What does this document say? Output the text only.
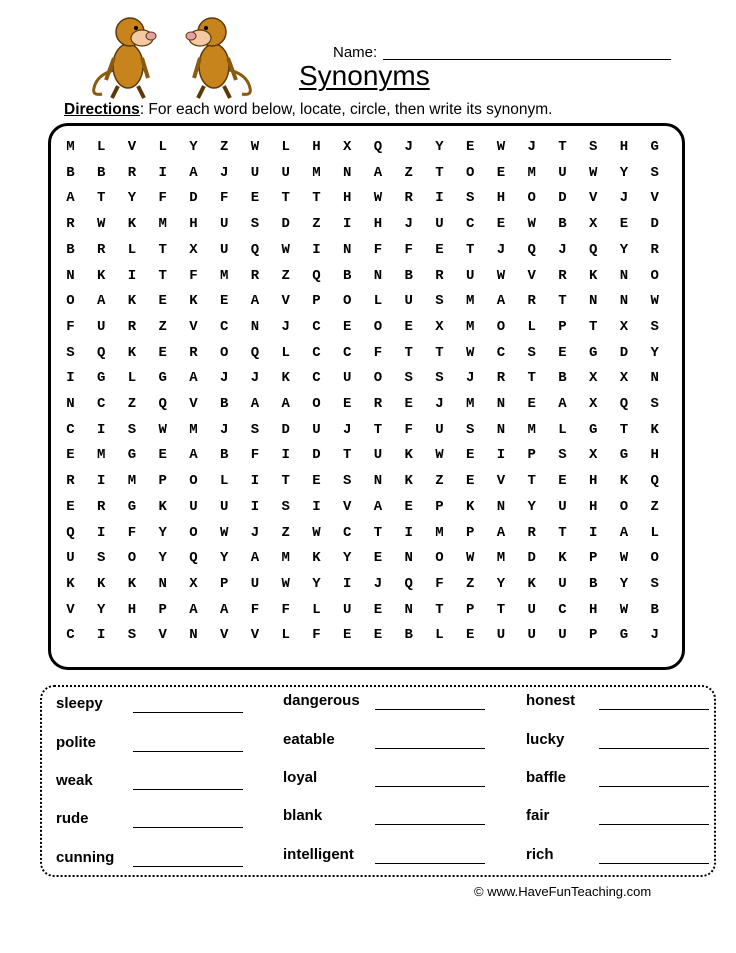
Name:
Synonyms
Directions: For each word below, locate, circle, then write its synonym.
M	L	V	L	Y	Z	W	L	H	X	Q	J	Y	E	W	J	T	S	H	G
B	B	R	I	A	J	U	U	M	N	A	Z	T	O	E	M	U	W	Y	S
A	T	Y	F	D	F	E	T	T	H	W	R	I	S	H	O	D	V	J	V
R	W	K	M	H	U	S	D	Z	I	H	J	U	C	E	W	B	X	E	D
B	R	L	T	X	U	Q	W	I	N	F	F	E	T	J	Q	J	Q	Y	R
N	K	I	T	F	M	R	Z	Q	B	N	B	R	U	W	V	R	K	N	O
O	A	K	E	K	E	A	V	P	O	L	U	S	M	A	R	T	N	N	W
F	U	R	Z	V	C	N	J	C	E	O	E	X	M	O	L	P	T	X	S
S	Q	K	E	R	O	Q	L	C	C	F	T	T	W	C	S	E	G	D	Y
I	G	L	G	A	J	J	K	C	U	O	S	S	J	R	T	B	X	X	N
N	C	Z	Q	V	B	A	A	O	E	R	E	J	M	N	E	A	X	Q	S
C	I	S	W	M	J	S	D	U	J	T	F	U	S	N	M	L	G	T	K
E	M	G	E	A	B	F	I	D	T	U	K	W	E	I	P	S	X	G	H
R	I	M	P	O	L	I	T	E	S	N	K	Z	E	V	T	E	H	K	Q
E	R	G	K	U	U	I	S	I	V	A	E	P	K	N	Y	U	H	O	Z
Q	I	F	Y	O	W	J	Z	W	C	T	I	M	P	A	R	T	I	A	L
U	S	O	Y	Q	Y	A	M	K	Y	E	N	O	W	M	D	K	P	W	O
K	K	K	N	X	P	U	W	Y	I	J	Q	F	Z	Y	K	U	B	Y	S
V	Y	H	P	A	A	F	F	L	U	E	N	T	P	T	U	C	H	W	B
C	I	S	V	N	V	V	L	F	E	E	B	L	E	U	U	U	P	G	J
sleepy
polite
weak
rude
cunning
dangerous
eatable
loyal
blank
intelligent
honest
lucky
baffle
fair
rich
© www.HaveFunTeaching.com
